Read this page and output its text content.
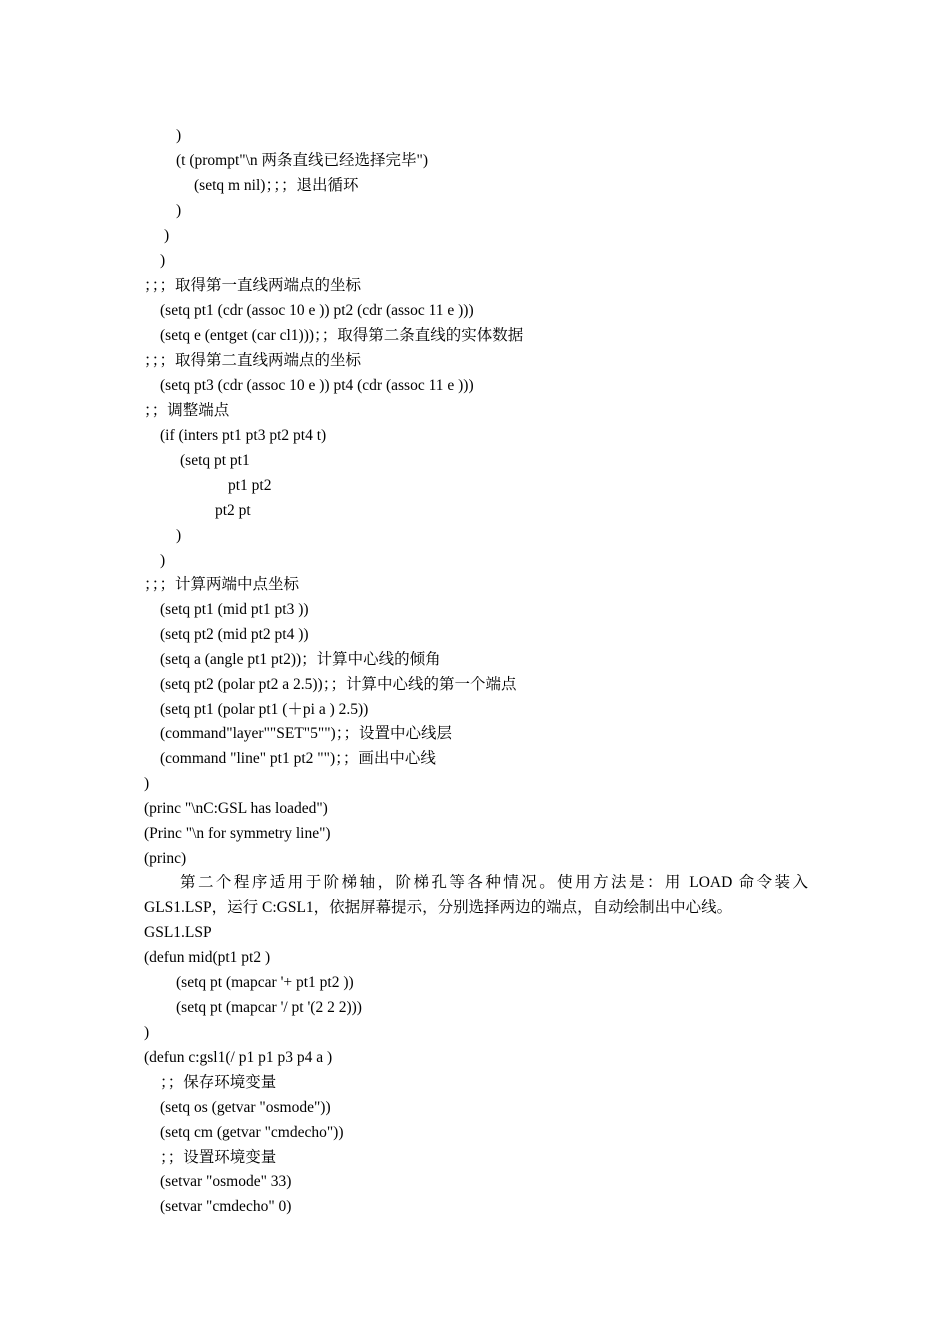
)
(t (prompt"\n 两条直线已经选择完毕")
(setq m nil)；；；退出循环
)
)
)
；；；取得第一直线两端点的坐标
(setq pt1 (cdr (assoc 10 e )) pt2 (cdr (assoc 11 e )))
(setq e (entget (car cl1)))；；取得第二条直线的实体数据
；；；取得第二直线两端点的坐标
(setq pt3 (cdr (assoc 10 e )) pt4 (cdr (assoc 11 e )))
；；调整端点
(if (inters pt1 pt3 pt2 pt4 t)
(setq pt pt1
pt1 pt2
pt2 pt
)
)
；；；计算两端中点坐标
(setq pt1 (mid pt1 pt3 ))
(setq pt2 (mid pt2 pt4 ))
(setq a (angle pt1 pt2))；计算中心线的倾角
(setq pt2 (polar pt2 a 2.5))；；计算中心线的第一个端点
(setq pt1 (polar pt1 (＋pi a ) 2.5))
(command"layer""SET"5"")；；设置中心线层
(command "line" pt1 pt2 "")；；画出中心线
)
(princ "\nC:GSL has loaded")
(Princ "\n for symmetry line")
(princ)
第二个程序适用于阶梯轴，阶梯孔等各种情况。使用方法是：用 LOAD 命令装入 GLS1.LSP，运行 C:GSL1，依据屏幕提示，分别选择两边的端点，自动绘制出中心线。
GSL1.LSP
(defun mid(pt1 pt2 )
(setq pt (mapcar '+ pt1 pt2 ))
(setq pt (mapcar '/ pt '(2 2 2)))
)
(defun c:gsl1(/ p1 p1 p3 p4 a )
；；保存环境变量
(setq os (getvar "osmode"))
(setq cm (getvar "cmdecho"))
；；设置环境变量
(setvar "osmode" 33)
(setvar "cmdecho" 0)
